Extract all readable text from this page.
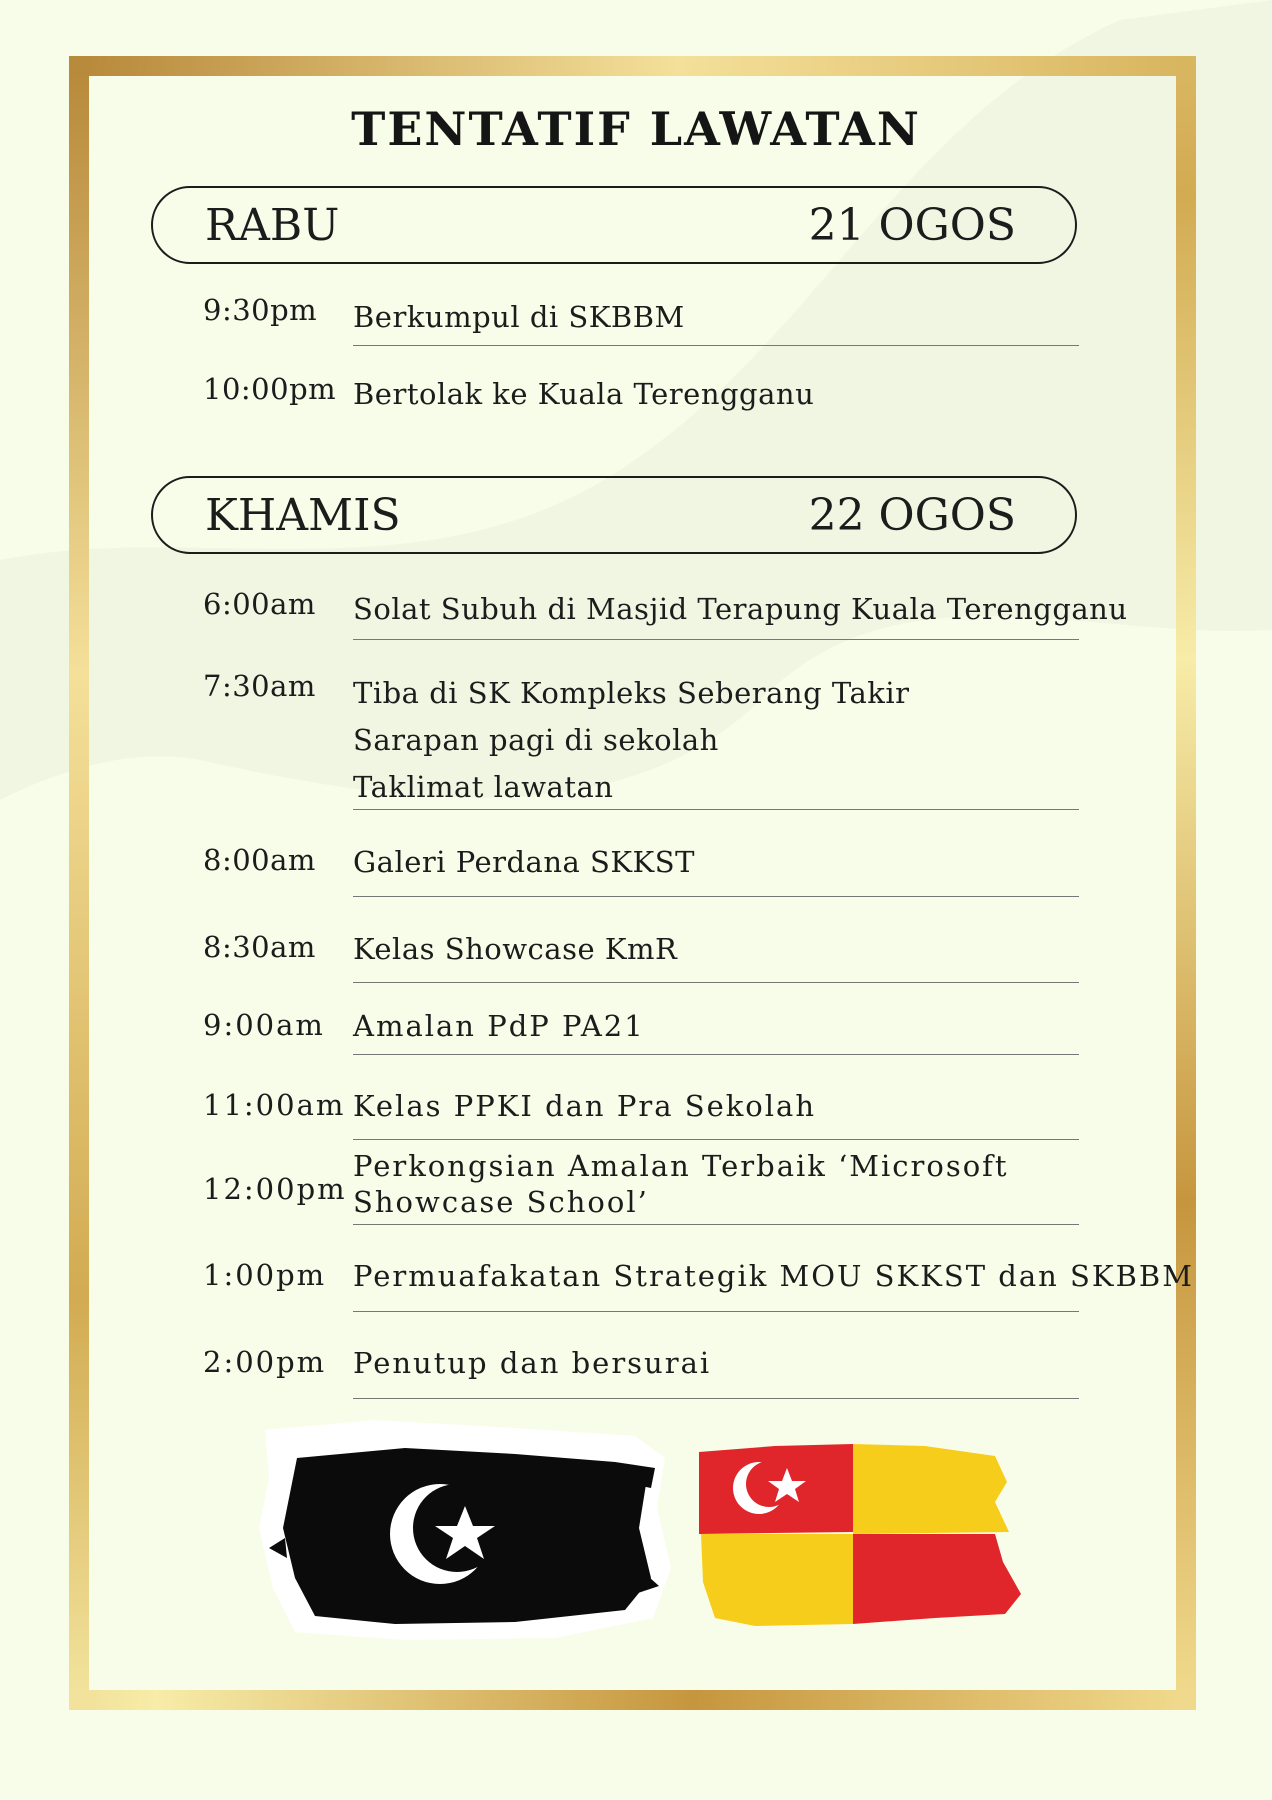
TENTATIF LAWATAN
RABU	21 OGOS
9:30pm Berkumpul di SKBBM
10:00pm Bertolak ke Kuala Terengganu
KHAMIS	22 OGOS
6:00am Solat Subuh di Masjid Terapung Kuala Terengganu
7:30am Tiba di SK Kompleks Seberang Takir
Sarapan pagi di sekolah
Taklimat lawatan
8:00am Galeri Perdana SKKST
8:30am Kelas Showcase KmR
9:00am Amalan PdP PA21
11:00am Kelas PPKI dan Pra Sekolah
12:00pm
Perkongsian Amalan Terbaik ‘Microsoft
Showcase School’
1:00pm Permuafakatan Strategik MOU SKKST dan SKBBM
2:00pm Penutup dan bersurai
